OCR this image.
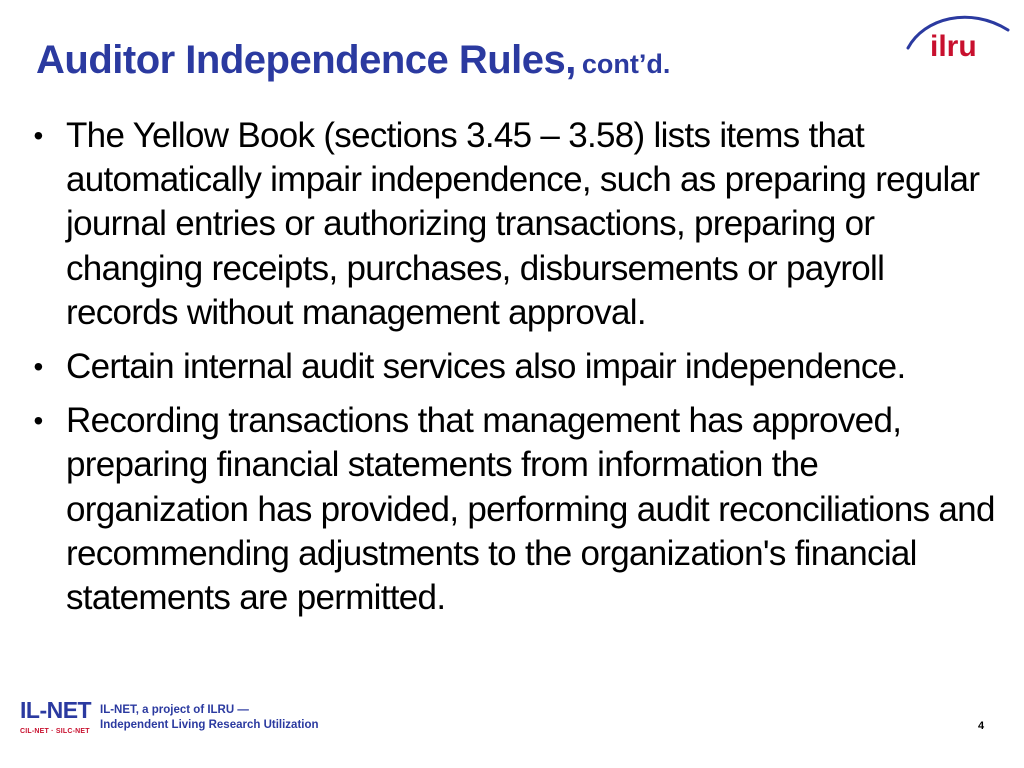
Auditor Independence Rules, cont’d.
ilru
• The Yellow Book (sections 3.45 – 3.58) lists items that automatically impair independence, such as preparing regular journal entries or authorizing transactions, preparing or changing receipts, purchases, disbursements or payroll records without management approval.
• Certain internal audit services also impair independence.
• Recording transactions that management has approved, preparing financial statements from information the organization has provided, performing audit reconciliations and recommending adjustments to the organization's financial statements are permitted.
IL-NET
CIL-NET · SILC-NET
IL-NET, a project of ILRU —
Independent Living Research Utilization	4
